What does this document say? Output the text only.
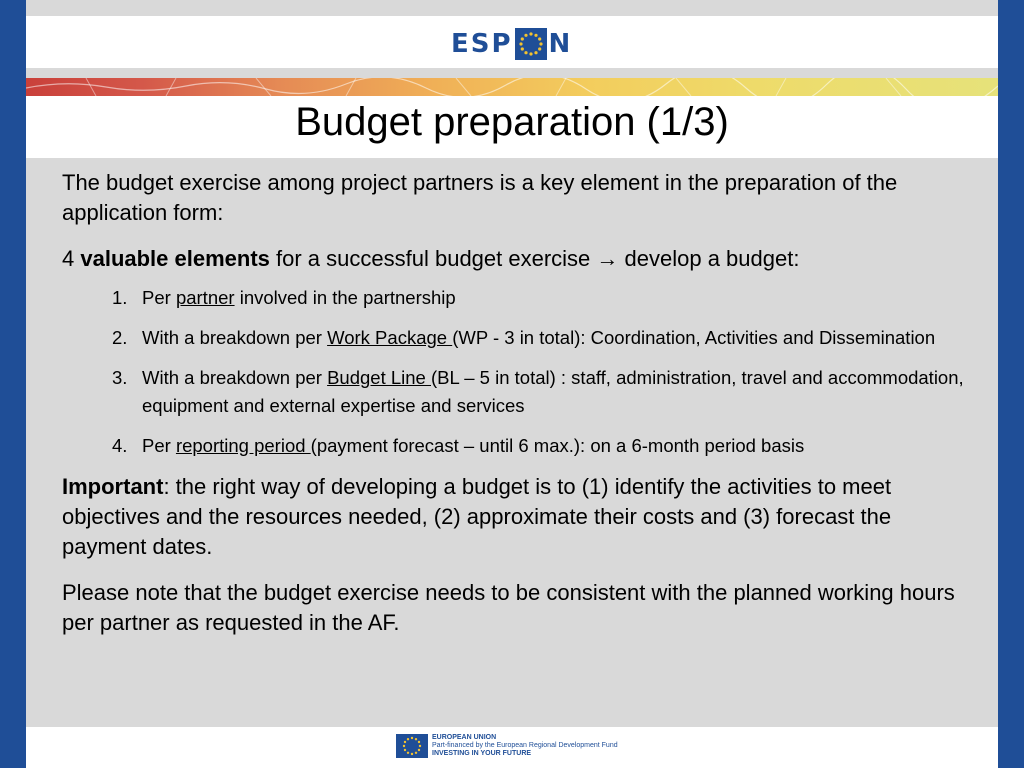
ESP N
Budget preparation (1/3)

The budget exercise among project partners is a key element in the preparation of the application form:

4 valuable elements for a successful budget exercise → develop a budget:

1. Per partner involved in the partnership
2. With a breakdown per Work Package (WP - 3 in total): Coordination, Activities and Dissemination
3. With a breakdown per Budget Line (BL – 5 in total) : staff, administration, travel and accommodation, equipment and external expertise and services
4. Per reporting period (payment forecast – until 6 max.): on a 6-month period basis

Important: the right way of developing a budget is to (1) identify the activities to meet objectives and the resources needed, (2) approximate their costs and (3) forecast the payment dates.

Please note that the budget exercise needs to be consistent with the planned working hours per partner as requested in the AF.

EUROPEAN UNION
Part-financed by the European Regional Development Fund
INVESTING IN YOUR FUTURE
